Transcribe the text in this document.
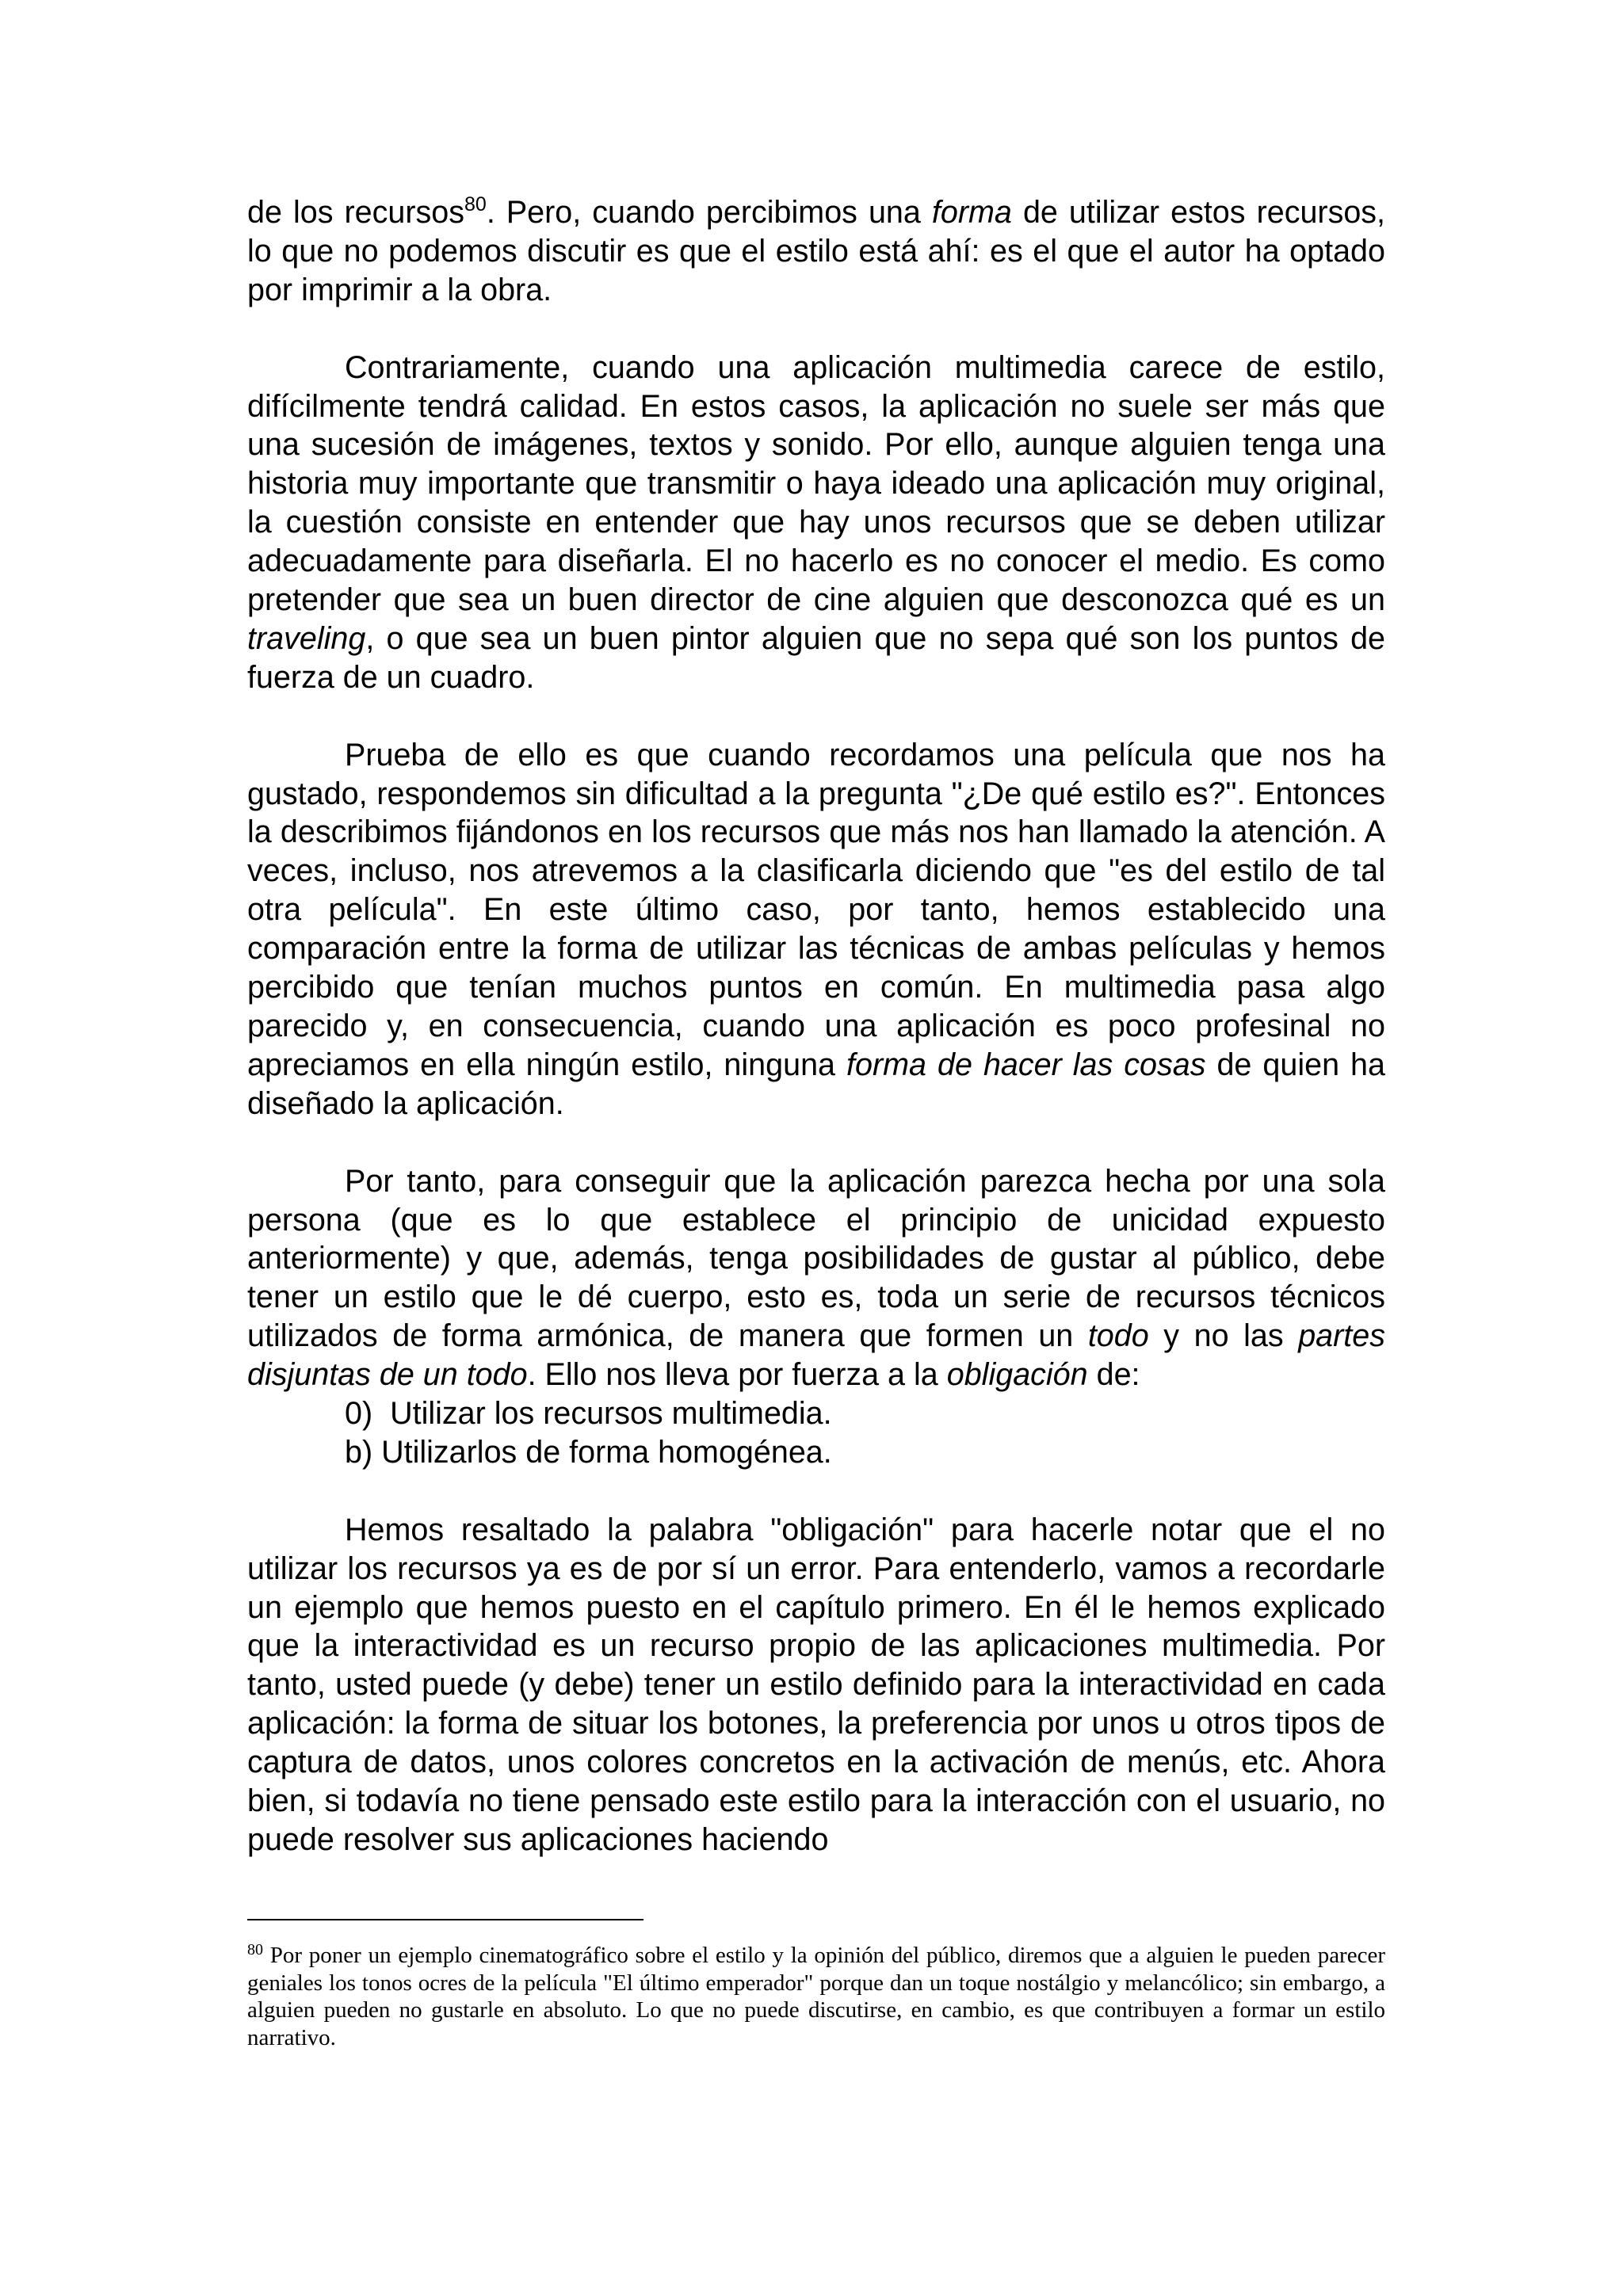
de los recursos$^{80}$. Pero, cuando percibimos una forma de utilizar estos recursos, lo que no podemos discutir es que el estilo está ahí: es el que el autor ha optado por imprimir a la obra.

Contrariamente, cuando una aplicación multimedia carece de estilo, difícilmente tendrá calidad. En estos casos, la aplicación no suele ser más que una sucesión de imágenes, textos y sonido. Por ello, aunque alguien tenga una historia muy importante que transmitir o haya ideado una aplicación muy original, la cuestión consiste en entender que hay unos recursos que se deben utilizar adecuadamente para diseñarla. El no hacerlo es no conocer el medio. Es como pretender que sea un buen director de cine alguien que desconozca qué es un traveling, o que sea un buen pintor alguien que no sepa qué son los puntos de fuerza de un cuadro.

Prueba de ello es que cuando recordamos una película que nos ha gustado, respondemos sin dificultad a la pregunta "¿De qué estilo es?". Entonces la describimos fijándonos en los recursos que más nos han llamado la atención. A veces, incluso, nos atrevemos a la clasificarla diciendo que "es del estilo de tal otra película". En este último caso, por tanto, hemos establecido una comparación entre la forma de utilizar las técnicas de ambas películas y hemos percibido que tenían muchos puntos en común. En multimedia pasa algo parecido y, en consecuencia, cuando una aplicación es poco profesinal no apreciamos en ella ningún estilo, ninguna forma de hacer las cosas de quien ha diseñado la aplicación.

Por tanto, para conseguir que la aplicación parezca hecha por una sola persona (que es lo que establece el principio de unicidad expuesto anteriormente) y que, además, tenga posibilidades de gustar al público, debe tener un estilo que le dé cuerpo, esto es, toda un serie de recursos técnicos utilizados de forma armónica, de manera que formen un todo y no las partes disjuntas de un todo. Ello nos lleva por fuerza a la obligación de:

0)  Utilizar los recursos multimedia.

b) Utilizarlos de forma homogénea.

Hemos resaltado la palabra "obligación" para hacerle notar que el no utilizar los recursos ya es de por sí un error. Para entenderlo, vamos a recordarle un ejemplo que hemos puesto en el capítulo primero. En él le hemos explicado que la interactividad es un recurso propio de las aplicaciones multimedia. Por tanto, usted puede (y debe) tener un estilo definido para la interactividad en cada aplicación: la forma de situar los botones, la preferencia por unos u otros tipos de captura de datos, unos colores concretos en la activación de menús, etc. Ahora bien, si todavía no tiene pensado este estilo para la interacción con el usuario, no puede resolver sus aplicaciones haciendo

$^{80}$ Por poner un ejemplo cinematográfico sobre el estilo y la opinión del público, diremos que a alguien le pueden parecer geniales los tonos ocres de la película "El último emperador" porque dan un toque nostálgio y melancólico; sin embargo, a alguien pueden no gustarle en absoluto. Lo que no puede discutirse, en cambio, es que contribuyen a formar un estilo narrativo.
